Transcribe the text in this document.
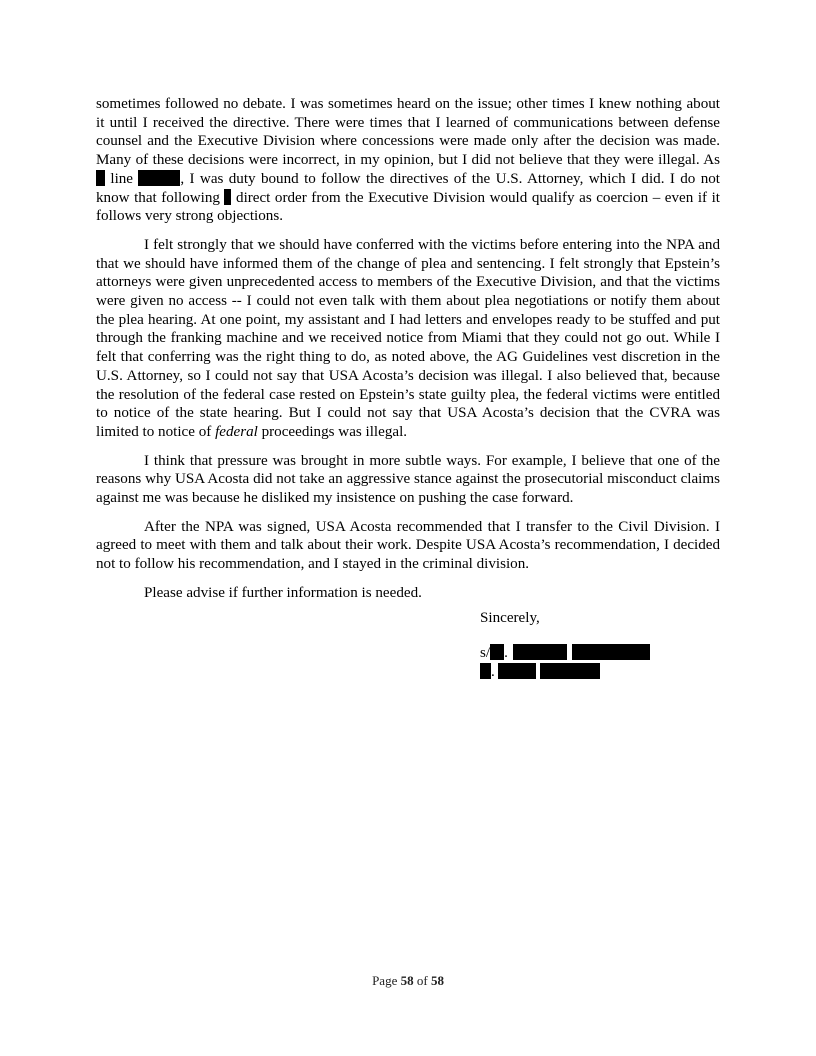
sometimes followed no debate. I was sometimes heard on the issue; other times I knew nothing about it until I received the directive. There were times that I learned of communications between defense counsel and the Executive Division where concessions were made only after the decision was made. Many of these decisions were incorrect, in my opinion, but I did not believe that they were illegal. As  line	, I was duty bound to follow the directives of the U.S. Attorney, which I did. I do not know that following  direct order from the Executive Division would qualify as coercion – even if it follows very strong objections.

I felt strongly that we should have conferred with the victims before entering into the NPA and that we should have informed them of the change of plea and sentencing. I felt strongly that Epstein’s attorneys were given unprecedented access to members of the Executive Division, and that the victims were given no access -- I could not even talk with them about plea negotiations or notify them about the plea hearing. At one point, my assistant and I had letters and envelopes ready to be stuffed and put through the franking machine and we received notice from Miami that they could not go out. While I felt that conferring was the right thing to do, as noted above, the AG Guidelines vest discretion in the U.S. Attorney, so I could not say that USA Acosta’s decision was illegal. I also believed that, because the resolution of the federal case rested on Epstein’s state guilty plea, the federal victims were entitled to notice of the state hearing. But I could not say that USA Acosta’s decision that the CVRA was limited to notice of federal proceedings was illegal.

I think that pressure was brought in more subtle ways. For example, I believe that one of the reasons why USA Acosta did not take an aggressive stance against the prosecutorial misconduct claims against me was because he disliked my insistence on pushing the case forward.

After the NPA was signed, USA Acosta recommended that I transfer to the Civil Division. I agreed to meet with them and talk about their work. Despite USA Acosta’s recommendation, I decided not to follow his recommendation, and I stayed in the criminal division.

Please advise if further information is needed.

Sincerely,
s/ .
.
Page 58 of 58
